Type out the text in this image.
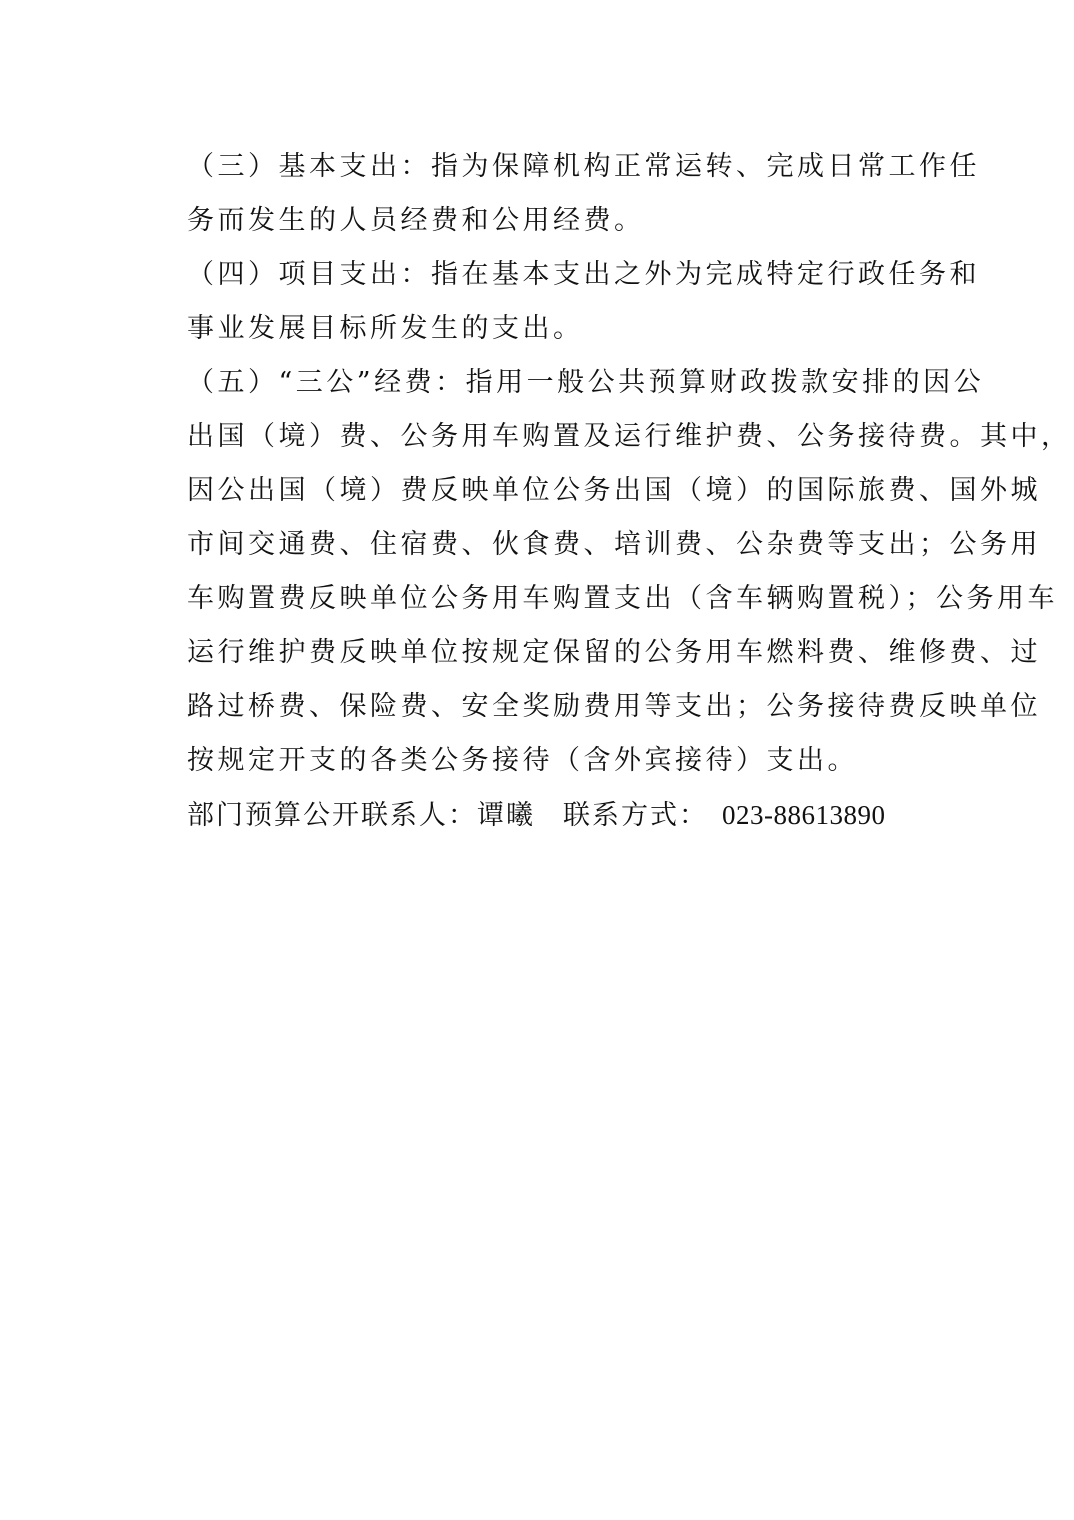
（三）基本支出：指为保障机构正常运转、完成日常工作任
务而发生的人员经费和公用经费。

（四）项目支出：指在基本支出之外为完成特定行政任务和
事业发展目标所发生的支出。

（五）“三公”经费：指用一般公共预算财政拨款安排的因公
出国（境）费、公务用车购置及运行维护费、公务接待费。其中，
因公出国（境）费反映单位公务出国（境）的国际旅费、国外城
市间交通费、住宿费、伙食费、培训费、公杂费等支出；公务用
车购置费反映单位公务用车购置支出（含车辆购置税）；公务用车
运行维护费反映单位按规定保留的公务用车燃料费、维修费、过
路过桥费、保险费、安全奖励费用等支出；公务接待费反映单位
按规定开支的各类公务接待（含外宾接待）支出。

部门预算公开联系人：谭曦 联系方式： 023-88613890
